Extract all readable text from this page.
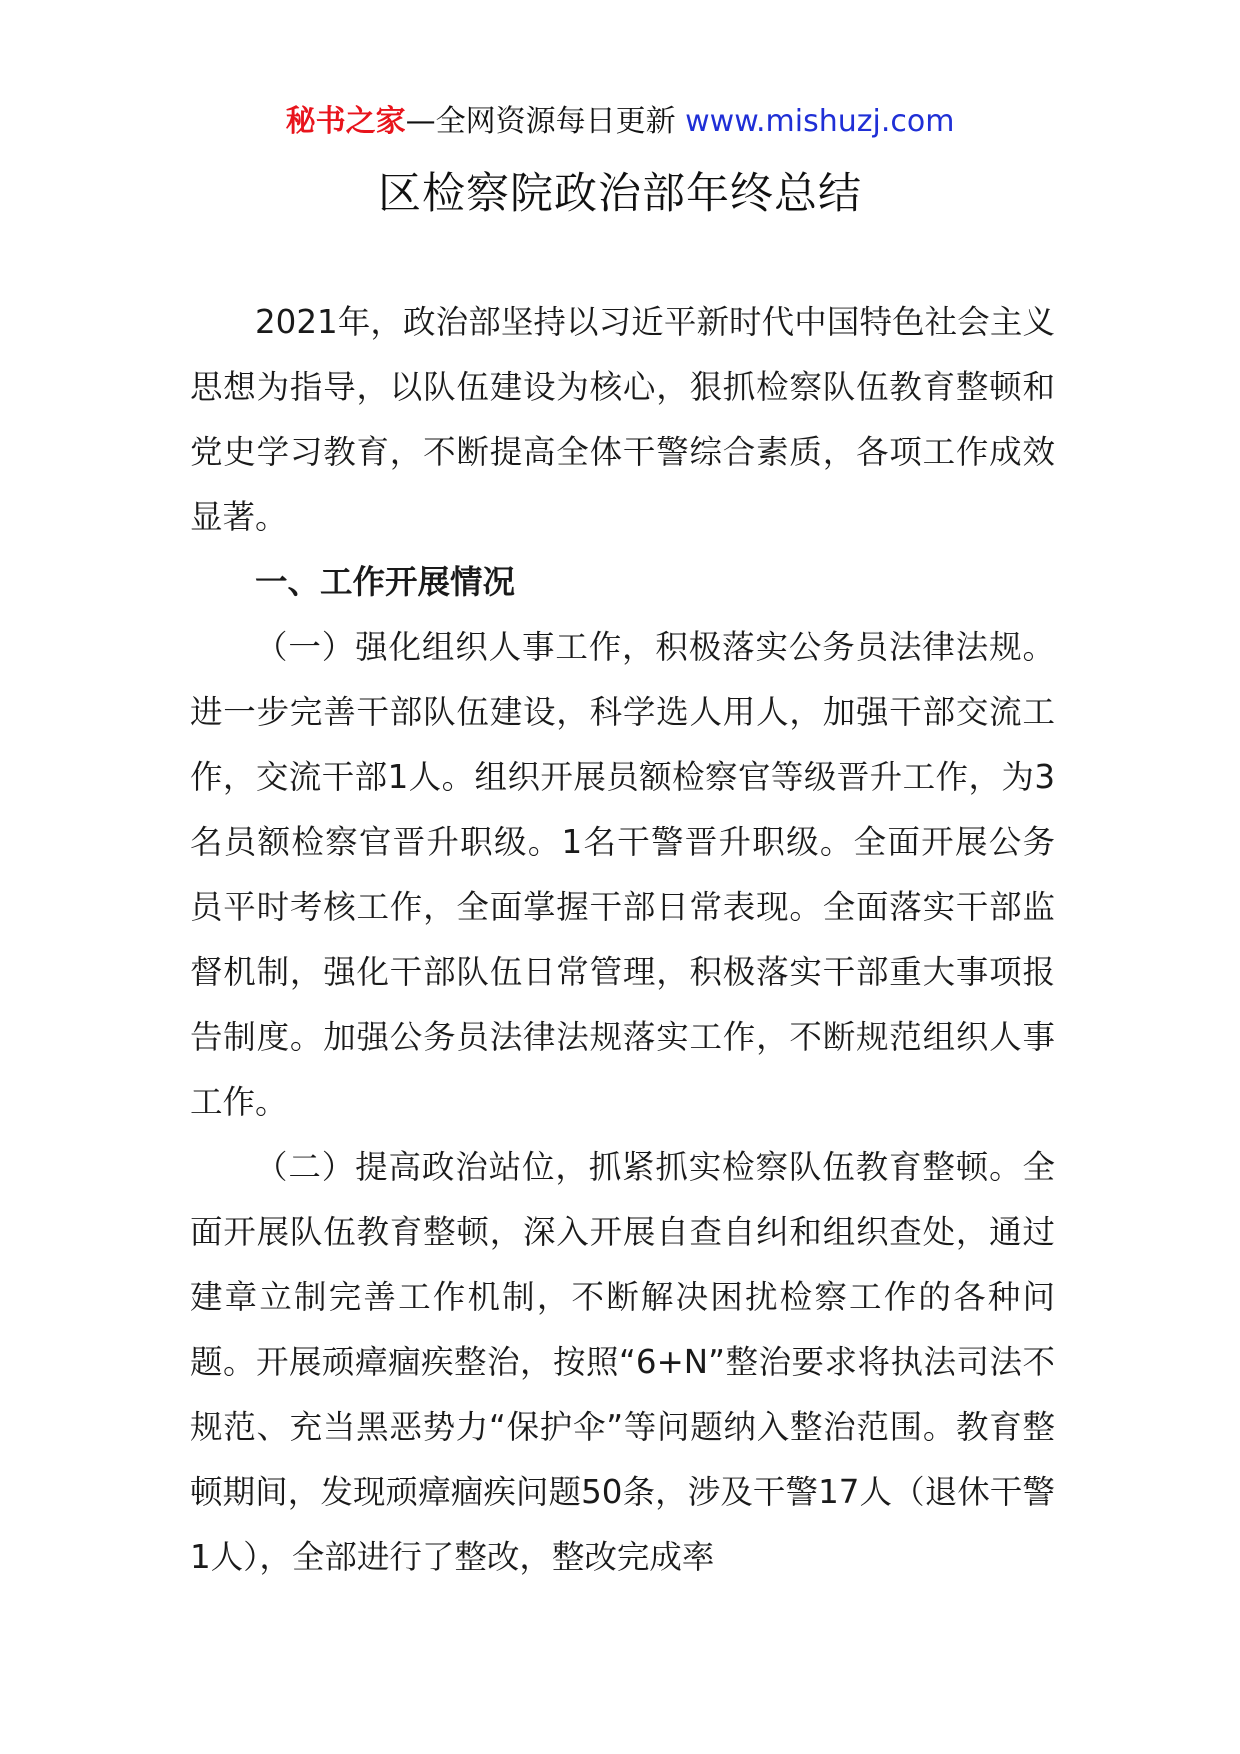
秘书之家—全网资源每日更新 www.mishuzj.com
区检察院政治部年终总结

2021年，政治部坚持以习近平新时代中国特色社会主义思想为指导，以队伍建设为核心，狠抓检察队伍教育整顿和党史学习教育，不断提高全体干警综合素质，各项工作成效显著。

一、工作开展情况

（一）强化组织人事工作，积极落实公务员法律法规。进一步完善干部队伍建设，科学选人用人，加强干部交流工作，交流干部1人。组织开展员额检察官等级晋升工作，为3名员额检察官晋升职级。1名干警晋升职级。全面开展公务员平时考核工作，全面掌握干部日常表现。全面落实干部监督机制，强化干部队伍日常管理，积极落实干部重大事项报告制度。加强公务员法律法规落实工作，不断规范组织人事工作。

（二）提高政治站位，抓紧抓实检察队伍教育整顿。全面开展队伍教育整顿，深入开展自查自纠和组织查处，通过建章立制完善工作机制，不断解决困扰检察工作的各种问题。开展顽瘴痼疾整治，按照“6+N”整治要求将执法司法不规范、充当黑恶势力“保护伞”等问题纳入整治范围。教育整顿期间，发现顽瘴痼疾问题50条，涉及干警17人（退休干警1人），全部进行了整改，整改完成率
